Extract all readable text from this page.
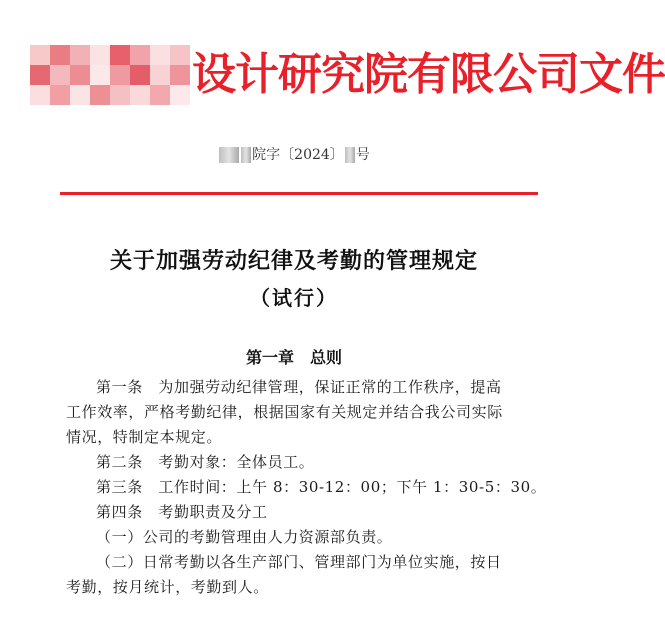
设计研究院有限公司文件
院字〔2024〕 号
关于加强劳动纪律及考勤的管理规定
（试行）
第一章　总则
第一条　为加强劳动纪律管理，保证正常的工作秩序，提高
工作效率，严格考勤纪律，根据国家有关规定并结合我公司实际
情况，特制定本规定。
第二条　考勤对象：全体员工。
第三条　工作时间：上午 8：30-12：00；下午 1：30-5：30。
第四条　考勤职责及分工
（一）公司的考勤管理由人力资源部负责。
（二）日常考勤以各生产部门、管理部门为单位实施，按日
考勤，按月统计，考勤到人。
